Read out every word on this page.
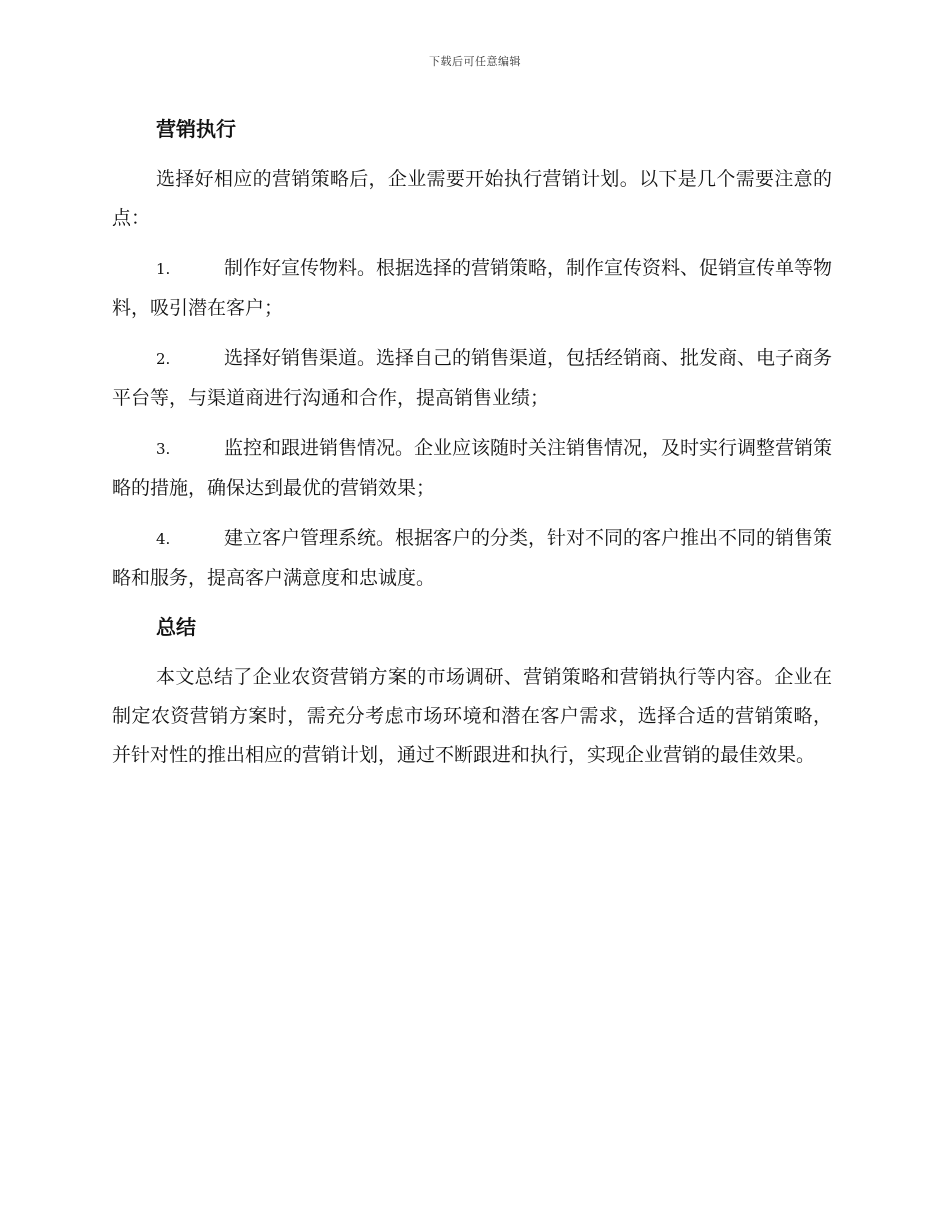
下载后可任意编辑
营销执行

选择好相应的营销策略后，企业需要开始执行营销计划。以下是几个需要注意的点：

1.	制作好宣传物料。根据选择的营销策略，制作宣传资料、促销宣传单等物料，吸引潜在客户；

2.	选择好销售渠道。选择自己的销售渠道，包括经销商、批发商、电子商务平台等，与渠道商进行沟通和合作，提高销售业绩；

3.	监控和跟进销售情况。企业应该随时关注销售情况，及时实行调整营销策略的措施，确保达到最优的营销效果；

4.	建立客户管理系统。根据客户的分类，针对不同的客户推出不同的销售策略和服务，提高客户满意度和忠诚度。

总结

本文总结了企业农资营销方案的市场调研、营销策略和营销执行等内容。企业在制定农资营销方案时，需充分考虑市场环境和潜在客户需求，选择合适的营销策略，并针对性的推出相应的营销计划，通过不断跟进和执行，实现企业营销的最佳效果。
